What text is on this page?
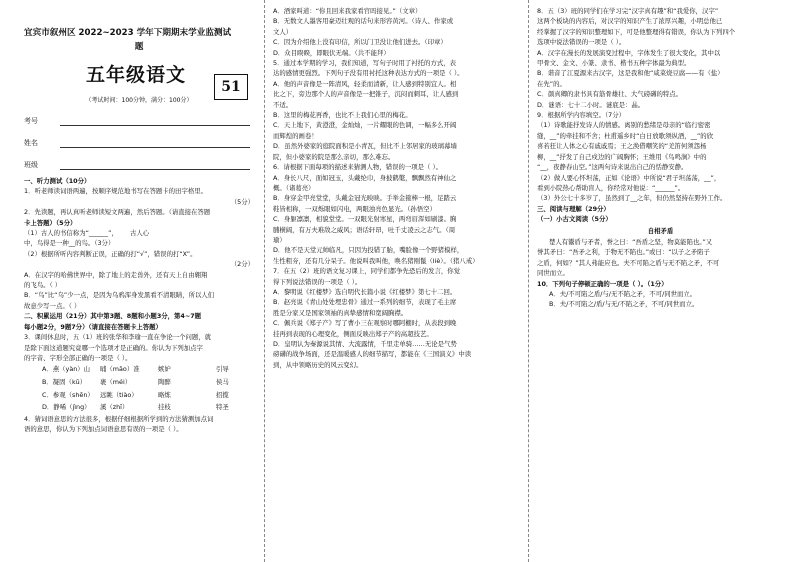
宜宾市叙州区 2022~2023 学年下期期末学业监测试

题

五年级语文
（考试时间：100分钟，满分：100分）
考号
姓名
班级

一、听力测试（10分）

1．听老师读词语两遍，按顺序规范地书写在答题卡的田字格里。

（5分）

2．先读题，再认真听老师读短文两遍，然后答题。（请直接在答题

卡上答题）（5分）

（1）古人的书信称为“______”，      古人心

中，鸟得是一种__的鸟。（3分）

（2）根据所听内容判断正误，正确的打“√”，错误的打“X”。

（2分）

A．在汉字的哈佛世界中，除了地上的走兽外，还有天上自由翱翔

的飞鸟。（ ）

B．“鸟”比“乌”少一点，是因为乌鸦浑身发黑看不清眼睛，所以人们

故意少写一点。（ ）

二、积累运用（21分）其中第3题、8题和小题3分，第4~7题

每小题2分，9题7分）（请直接在答题卡上答题）

3．课间休息时，五（1）班的张华和李瑜一直在争论一个问题，就

是除下面这道题究竟哪一个选项才是正确的。你认为下列加点字

的字音、字形全部正确的一项是（ ）。

A．燕（yàn）山	晡（māo）准	嫉妒	引导
B．凝固（kū）	裹（méi）	陶醉	侯马
C．参观（shēn） 远眺（tiào）	略炼	招揽
D．静唏（jìng）	溪（zhī）	挂枝	特圣

4．猜词语意思的方法很多，根据仔细根据所学到的方法猜测加点词

语的意思，你认为下列加点词语意思有误的一项是（ ）。

51

A．酒家叫道：“你且回来我家看官吗接见。”（文章）

B．无数文人墨客用豪迈壮观的话句来形容黄河。（诗人、作家或

文人）

C．因为介绍他上没有印信，所以门卫没让他们进去。（印章）

D．众目睽睽，即眼伏无端。（共不能拜）

5．通过本学期的学习，我们知道，写句子时用了衬托的方式，表

达的感情更强烈。下列句子没有用衬托这种表达方式的一项是（ ）。

A．他的声音像是一阵清风，轻柔而清新，让人感到特别宜人。相

比之下，旁边那个人的声音像是一把锥子，沉闷而刺耳，让人感到

不适。

B．这里的梅花再香，也比不上我们心里的梅花。

C．天上地下，黄澄澄，金灿灿，一片耀眼的色调，一幅多么开阔

而辉煌的画卷！

D．虽然外婆家的庭院面积是小青瓦，但比不上邻居家的玻璃幕墙

院，但小婆家的院是那么亲切，那么难忘。

6．请根据下面每项的描述来猜测人物，错误的一项是（ ）。

A．身长八尺，面如冠玉，头戴纶巾，身披鹤氅，飘飘然有神仙之

概。（诸葛亮）

B．身穿金甲亮堂堂，头戴金冠光映映。手举金箍棒一根，足踏云

鞋皆相称，一双烁眼如闪电，两眼浊亮色显光。（孙悟空）

C．身躯凛凛，相貌堂堂。一双眼光射寒星，两弯眉浑如刷漆。胸

脯横阔，有万夫难敌之威风；语话轩昂，吐千丈凌云之志气。（周

瑜）

D．他不是天堂元帅临凡，只因为投错了胎，嘴脸像一个野猪模样，

生性粗夯，还有几分呆子。他说叫我叫他，唤名猪刚鬣（liè）。（猪八戒）

7．在五（2）班的语文复习课上，同学们都争先恐后的发言，你觉

得下列说法错误的一项是（ ）。

A．黎明说《红楼梦》选自明代长篇小说《红楼梦》第七十二回。

B．赵亮说《青山处处埋忠骨》通过一系列的细节，表现了毛主席

胜是分家又是国家领袖的真挚感情和宽阔胸襟。

C．佩兵说《郑子产》写了曹小三在观察时哪阿棚时，从表段到晚

挂再到表现的心理变化，侧面反映出郑子产的高超技艺。

D．皇明认为秦源说其情、大流露情，千里走单骑……无论是气势

磅礴的战争场面，还是温暖感人的细节描写，都能在《三国演义》中读

到，从中领略历史的风云变幻。

8．五（3）班的同学们在学习完“汉字真有趣”和“我爱你，汉字”

这两个板块的内容后，对汉字的知识产生了浓厚兴趣，小明总他已

经掌握了汉字的知识整理如下，可是他整理得有错误，你认为下列四个

选项中说法错误的一项是（ ）。

A．汉字在漫长的发展演变过程中，字体发生了很大变化，其中以

甲骨文、金文、小篆、隶书、楷书五种字体最为典型。

B．谐音了江夏源来古汉字，这是我和他“咸菜烧豆腐——有（盐）

在先”的。

C．颜真卿的隶书具有筋骨雄壮、大气磅礴的特点。

D．谜语：七十二小时。谜底是：晶。

9．根据所学内容填空。（7分）

（1）诗歌能抒发诗人的情感。离别的愁绪是母亲的“临行密密

缝，__”的牵挂和不舍；杜甫遥乡时“白日放歌须纵酒，__”的欣

喜若狂让人体之心有戚戚焉；王之涣借嘲笑的“羌笛何须怨杨

柳，__”抒发了自己戍边的广阔胸怀；王维用《鸟鸣涧》中的

“__，夜静春山空。”这两句诗来说出自己的恬静安静。

（2）做人要心怀坦荡，正如《论语》中所说“君子坦荡荡，__”，

看到小院热心帮助盲人，你经常对他说：“______”。

（3）外公七十多岁了，虽然到了__之年，但仍然坚持在野外工作。

三、阅读与理解（29分）

（一）小古文阅读（5分）

自相矛盾

楚人有鬻盾与矛者，誉之曰：“吾盾之坚，物莫能陷也。”又

誉其矛曰：“吾矛之利，于物无不陷也。”或曰：“以子之矛陷子

之盾，何如？”其人弗能应也。夫不可陷之盾与无不陷之矛，不可

同世而立。

10．下列句子停顿正确的一项是（ ）。（1分）

A．夫/不可陷之盾/与/无不陷之矛，不可/同世而立。

B．夫/不可陷之/盾/与无/不陷之矛，不可/同世而立。
